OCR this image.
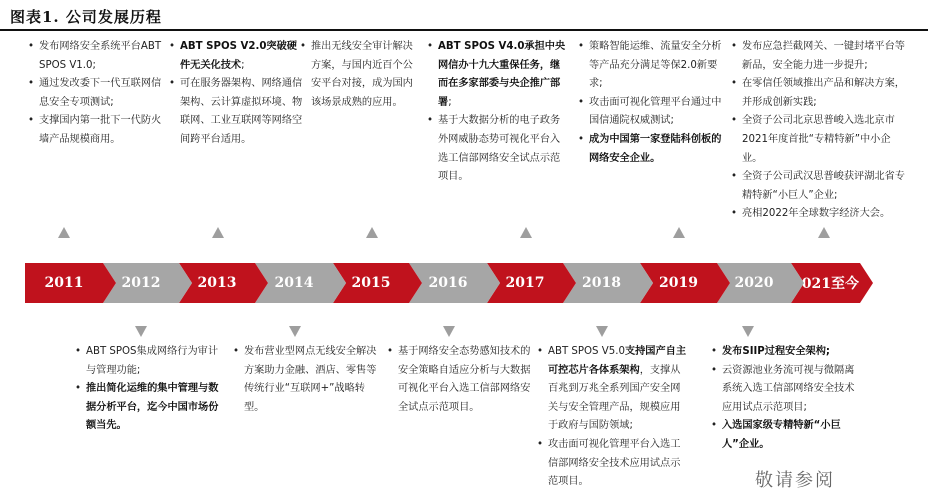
图表1. 公司发展历程
• 发布网络安全系统平台ABT SPOS V1.0;
• 通过发改委下一代互联网信息安全专项测试;
• 支撑国内第一批下一代防火墙产品规模商用。
• ABT SPOS V2.0突破硬件无关化技术;
• 可在服务器架构、网络通信架构、云计算虚拟环境、物联网、工业互联网等网络空间跨平台适用。
• 推出无线安全审计解决方案，与国内近百个公安平台对接，成为国内该场景成熟的应用。
• ABT SPOS V4.0承担中央网信办十九大重保任务，继而在多家部委与央企推广部署;
• 基于大数据分析的电子政务外网威胁态势可视化平台入选工信部网络安全试点示范项目。
• 策略智能运维、流量安全分析等产品充分满足等保2.0新要求;
• 攻击面可视化管理平台通过中国信通院权威测试;
• 成为中国第一家登陆科创板的网络安全企业。
• 发布应急拦截网关、一键封堵平台等新品，安全能力进一步提升;
• 在零信任领域推出产品和解决方案，并形成创新实践;
• 全资子公司北京思普峻入选北京市2021年度首批“专精特新”中小企业。
• 全资子公司武汉思普峻获评湖北省专精特新“小巨人”企业;
• 亮相2022年全球数字经济大会。
2011	2012	2013	2014	2015	2016	2017	2018	2019	2020 2021至今
• ABT SPOS集成网络行为审计与管理功能;
• 推出简化运维的集中管理与数据分析平台，迄今中国市场份额当先。
• 发布营业型网点无线安全解决方案助力金融、酒店、零售等传统行业“互联网+”战略转型。
• 基于网络安全态势感知技术的安全策略自适应分析与大数据可视化平台入选工信部网络安全试点示范项目。
• ABT SPOS V5.0支持国产自主可控芯片各体系架构，支撑从百兆到万兆全系列国产安全网关与安全管理产品，规模应用于政府与国防领域;
• 攻击面可视化管理平台入选工信部网络安全技术应用试点示范项目。
• 发布SIIP过程安全架构;
• 云资源池业务流可视与微隔离系统入选工信部网络安全技术应用试点示范项目;
• 入选国家级专精特新“小巨人”企业。
敬请参阅
